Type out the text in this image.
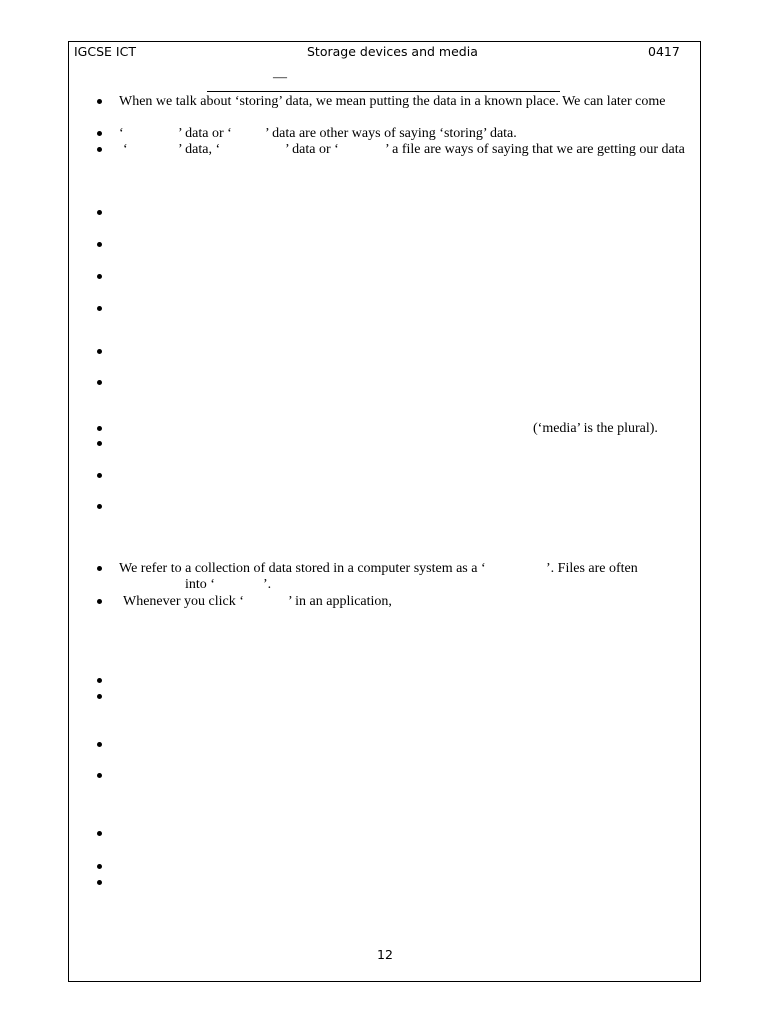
IGCSE ICT	Storage devices and media	0417
—
When we talk about ‘storing’ data, we mean putting the data in a known place. We can later come
‘	’ data or ‘ ’ data are other ways of saying ‘storing’ data.
‘	’ data, ‘	’ data or ‘	’ a file are ways of saying that we are getting our data
(‘media’ is the plural).
We refer to a collection of data stored in a computer system as a ‘	’. Files are often
into ‘	’.
Whenever you click ‘	’ in an application,
12
